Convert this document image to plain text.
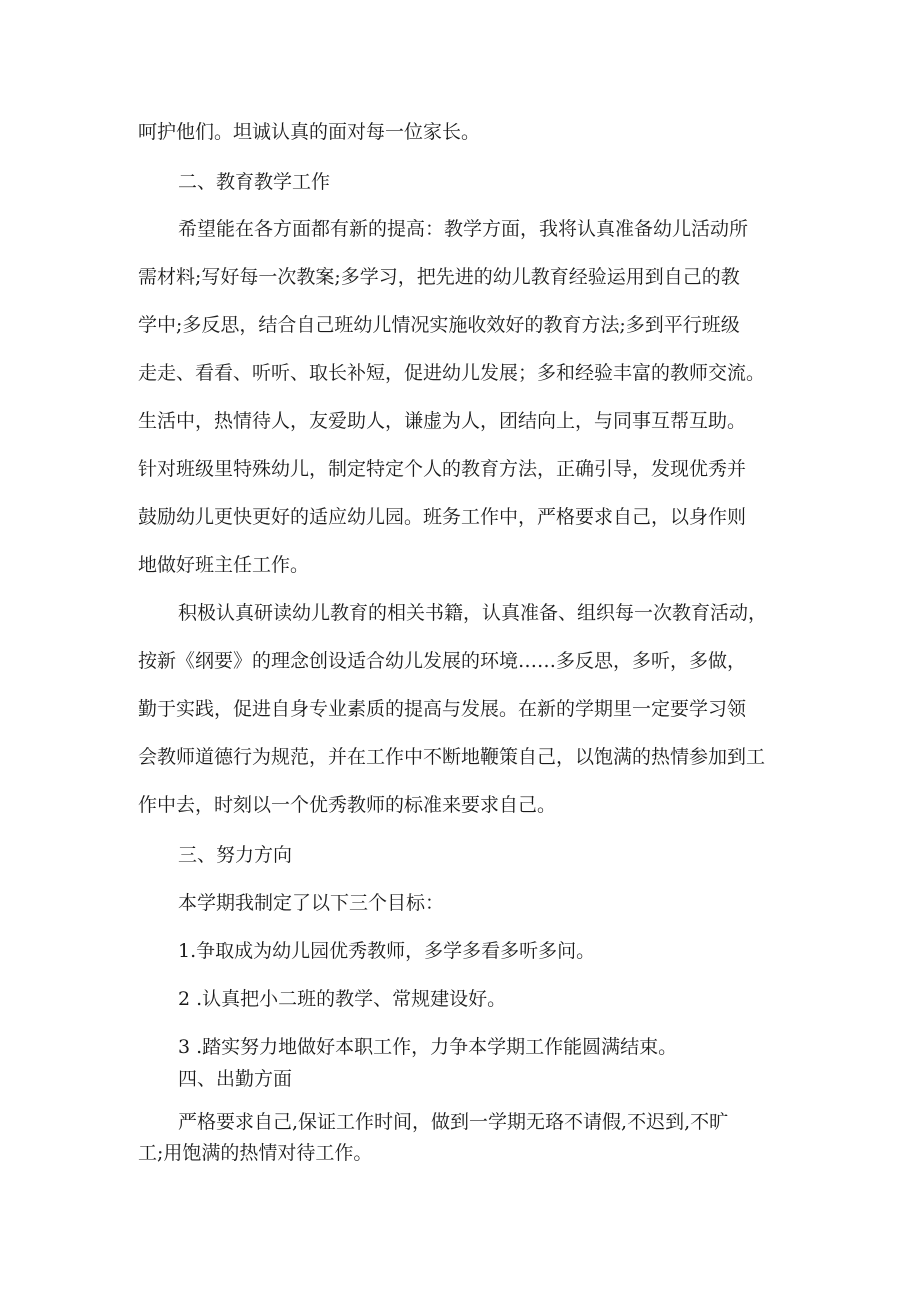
呵护他们。坦诚认真的面对每一位家长。

二、教育教学工作

希望能在各方面都有新的提高：教学方面，我将认真准备幼儿活动所

需材料;写好每一次教案;多学习，把先进的幼儿教育经验运用到自己的教

学中;多反思，结合自己班幼儿情况实施收效好的教育方法;多到平行班级

走走、看看、听听、取长补短，促进幼儿发展；多和经验丰富的教师交流。

生活中，热情待人，友爱助人，谦虚为人，团结向上，与同事互帮互助。

针对班级里特殊幼儿，制定特定个人的教育方法，正确引导，发现优秀并

鼓励幼儿更快更好的适应幼儿园。班务工作中，严格要求自己，以身作则

地做好班主任工作。

积极认真研读幼儿教育的相关书籍，认真准备、组织每一次教育活动，

按新《纲要》的理念创设适合幼儿发展的环境……多反思，多听，多做，

勤于实践，促进自身专业素质的提高与发展。在新的学期里一定要学习领

会教师道德行为规范，并在工作中不断地鞭策自己，以饱满的热情参加到工

作中去，时刻以一个优秀教师的标准来要求自己。

三、努力方向

本学期我制定了以下三个目标：

1.争取成为幼儿园优秀教师，多学多看多听多问。

2 .认真把小二班的教学、常规建设好。

3 .踏实努力地做好本职工作，力争本学期工作能圆满结束。

四、出勤方面

严格要求自己,保证工作时间，做到一学期无珞不请假,不迟到,不旷

工;用饱满的热情对待工作。
